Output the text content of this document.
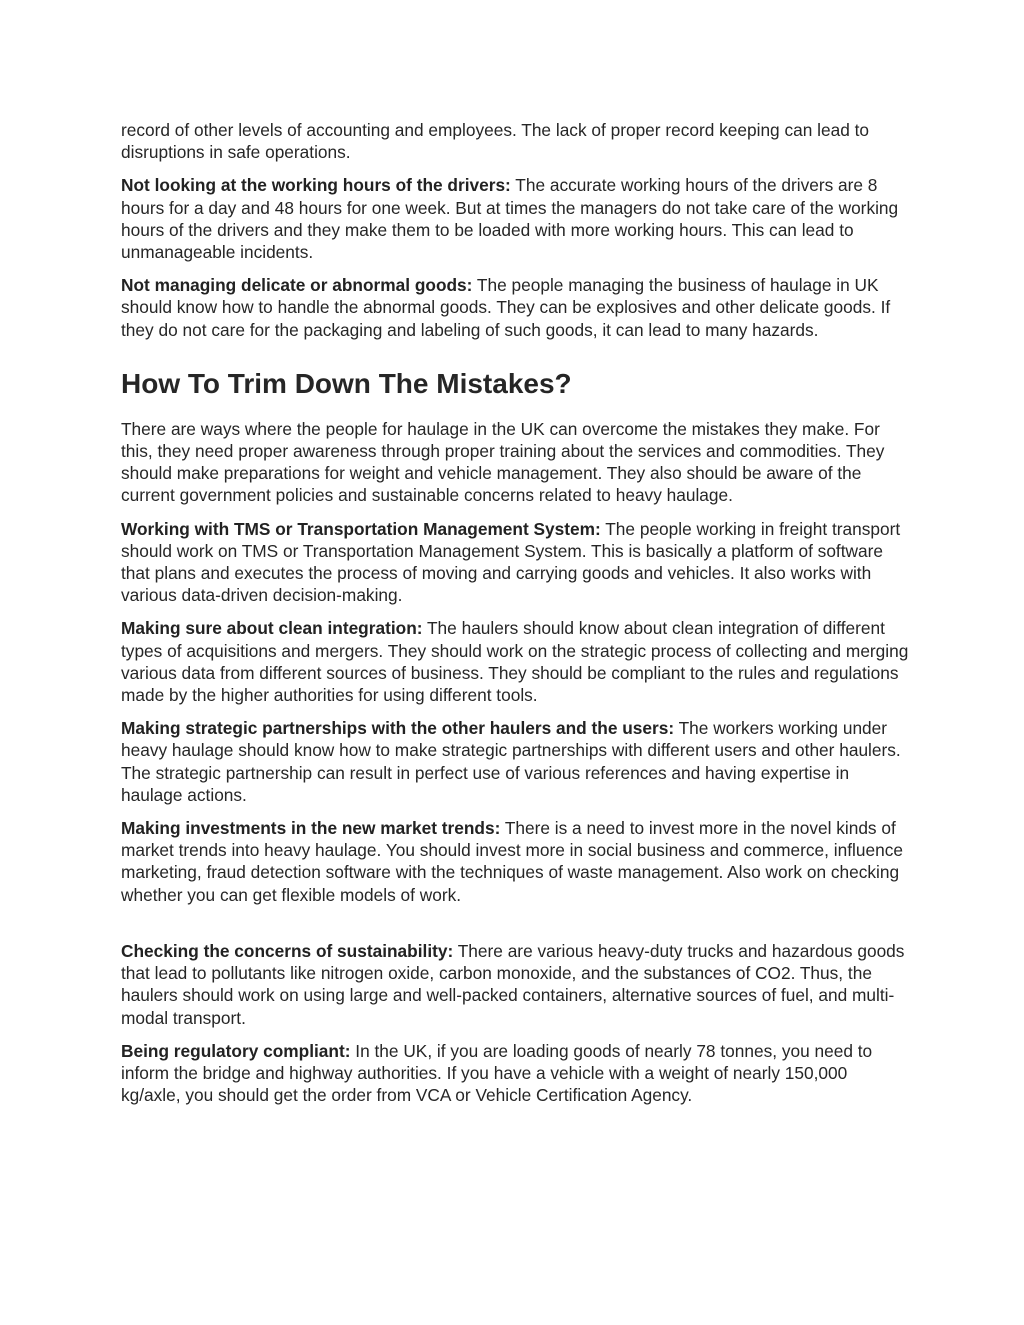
record of other levels of accounting and employees. The lack of proper record keeping can lead to disruptions in safe operations.

Not looking at the working hours of the drivers: The accurate working hours of the drivers are 8 hours for a day and 48 hours for one week. But at times the managers do not take care of the working hours of the drivers and they make them to be loaded with more working hours. This can lead to unmanageable incidents.

Not managing delicate or abnormal goods: The people managing the business of haulage in UK should know how to handle the abnormal goods. They can be explosives and other delicate goods. If they do not care for the packaging and labeling of such goods, it can lead to many hazards.

How To Trim Down The Mistakes?

There are ways where the people for haulage in the UK can overcome the mistakes they make. For this, they need proper awareness through proper training about the services and commodities. They should make preparations for weight and vehicle management. They also should be aware of the current government policies and sustainable concerns related to heavy haulage.

Working with TMS or Transportation Management System: The people working in freight transport should work on TMS or Transportation Management System. This is basically a platform of software that plans and executes the process of moving and carrying goods and vehicles. It also works with various data-driven decision-making.

Making sure about clean integration: The haulers should know about clean integration of different types of acquisitions and mergers. They should work on the strategic process of collecting and merging various data from different sources of business. They should be compliant to the rules and regulations made by the higher authorities for using different tools.

Making strategic partnerships with the other haulers and the users: The workers working under heavy haulage should know how to make strategic partnerships with different users and other haulers. The strategic partnership can result in perfect use of various references and having expertise in haulage actions.

Making investments in the new market trends: There is a need to invest more in the novel kinds of market trends into heavy haulage. You should invest more in social business and commerce, influence marketing, fraud detection software with the techniques of waste management. Also work on checking whether you can get flexible models of work.

Checking the concerns of sustainability: There are various heavy-duty trucks and hazardous goods that lead to pollutants like nitrogen oxide, carbon monoxide, and the substances of CO2. Thus, the haulers should work on using large and well-packed containers, alternative sources of fuel, and multi-modal transport.

Being regulatory compliant: In the UK, if you are loading goods of nearly 78 tonnes, you need to inform the bridge and highway authorities. If you have a vehicle with a weight of nearly 150,000 kg/axle, you should get the order from VCA or Vehicle Certification Agency.
